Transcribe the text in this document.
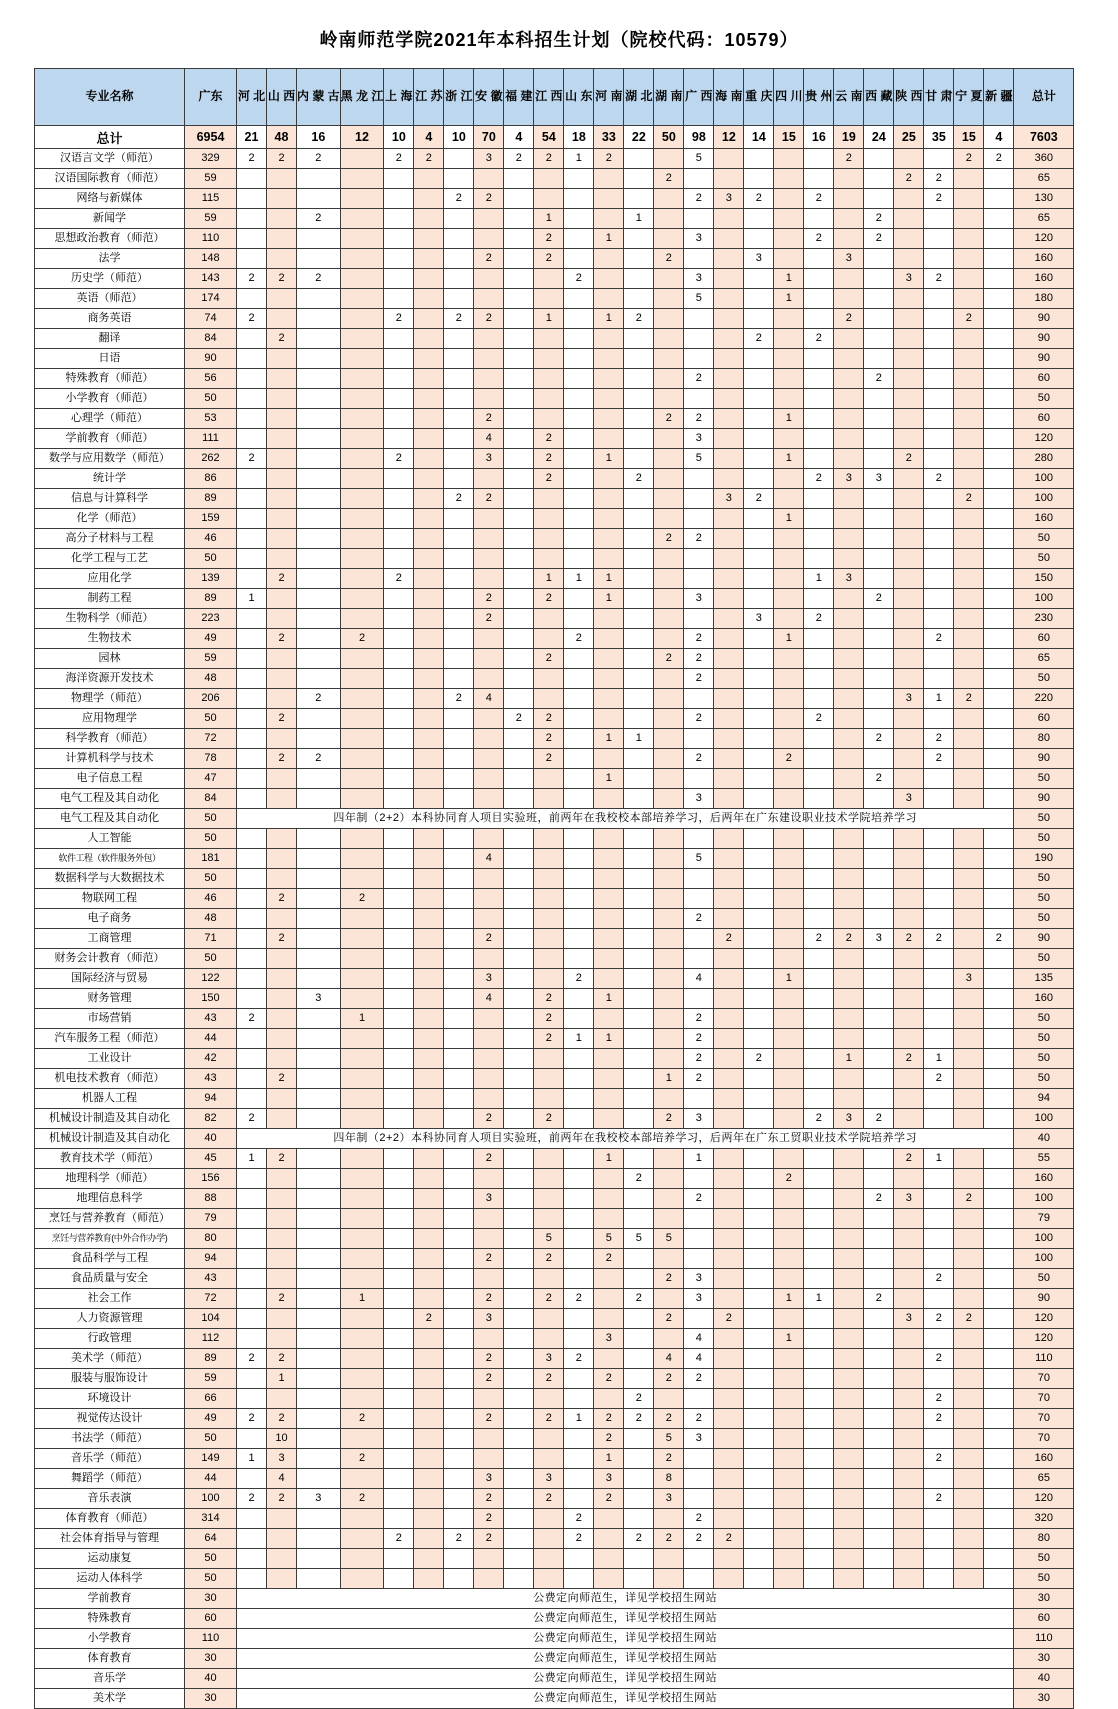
岭南师范学院2021年本科招生计划（院校代码：10579）
专业名称	广东	河 北	山 西	内 蒙 古	黑 龙 江	上 海	江 苏	浙 江	安 徽	福 建	江 西	山 东	河 南	湖 北	湖 南	广 西	海 南	重 庆	四 川	贵 州	云 南	西 藏	陕 西	甘 肃	宁 夏	新 疆	总计
总计	6954	21	48	16	12	10	4	10	70	4	54	18	33	22	50	98	12	14	15	16	19	24	25	35	15	4	7603
汉语言文学（师范）	329	2	2	2		2	2		3	2	2	1	2			5					2				2	2	360
汉语国际教育（师范）	59														2								2	2			65
网络与新媒体	115							2	2							2	3	2		2				2			130
新闻学	59			2							1			1								2					65
思想政治教育（师范）	110										2		1			3				2		2					120
法学	148								2		2				2			3			3						160
历史学（师范）	143	2	2	2								2				3			1				3	2			160
英语（师范）	174															5			1								180
商务英语	74	2				2		2	2		1		1	2							2				2		90
翻译	84		2															2		2							90
日语	90																										90
特殊教育（师范）	56															2						2					60
小学教育（师范）	50																										50
心理学（师范）	53								2						2	2			1								60
学前教育（师范）	111								4		2					3											120
数学与应用数学（师范）	262	2				2			3		2		1			5			1				2				280
统计学	86										2			2						2	3	3		2			100
信息与计算科学	89							2	2								3	2							2		100
化学（师范）	159																		1								160
高分子材料与工程	46														2	2											50
化学工程与工艺	50																										50
应用化学	139		2			2					1	1	1							1	3						150
制药工程	89	1							2		2		1			3						2					100
生物科学（师范）	223								2									3		2							230
生物技术	49		2		2							2				2			1					2			60
园林	59										2				2	2											65
海洋资源开发技术	48															2											50
物理学（师范）	206			2				2	4														3	1	2		220
应用物理学	50		2							2	2					2				2							60
科学教育（师范）	72										2		1	1								2		2			80
计算机科学与技术	78		2	2							2					2			2					2			90
电子信息工程	47												1									2					50
电气工程及其自动化	84															3							3				90
电气工程及其自动化	50	四年制（2+2）本科协同育人项目实验班，前两年在我校校本部培养学习，后两年在广东建设职业技术学院培养学习																									50
人工智能	50																										50
软件工程（软件服务外包）	181								4							5											190
数据科学与大数据技术	50																										50
物联网工程	46		2		2																						50
电子商务	48															2											50
工商管理	71		2						2								2			2	2	3	2	2		2	90
财务会计教育（师范）	50																										50
国际经济与贸易	122								3			2				4			1						3		135
财务管理	150			3					4		2		1														160
市场营销	43	2			1						2					2											50
汽车服务工程（师范）	44										2	1	1			2											50
工业设计	42															2		2			1		2	1			50
机电技术教育（师范）	43		2												1	2								2			50
机器人工程	94																										94
机械设计制造及其自动化	82	2							2		2				2	3				2	3	2					100
机械设计制造及其自动化	40	四年制（2+2）本科协同育人项目实验班，前两年在我校校本部培养学习，后两年在广东工贸职业技术学院培养学习																									40
教育技术学（师范）	45	1	2						2				1			1							2	1			55
地理科学（师范）	156													2					2								160
地理信息科学	88								3							2						2	3		2		100
烹饪与营养教育（师范）	79																										79
烹饪与营养教育(中外合作办学)	80										5		5	5	5												100
食品科学与工程	94								2		2		2														100
食品质量与安全	43														2	3								2			50
社会工作	72		2		1				2		2	2		2		3			1	1		2					90
人力资源管理	104						2		3						2		2						3	2	2		120
行政管理	112												3			4			1								120
美术学（师范）	89	2	2						2		3	2			4	4								2			110
服装与服饰设计	59		1						2		2		2		2	2											70
环境设计	66													2										2			70
视觉传达设计	49	2	2		2				2		2	1	2	2	2	2								2			70
书法学（师范）	50		10										2		5	3											70
音乐学（师范）	149	1	3		2								1		2									2			160
舞蹈学（师范）	44		4						3		3		3		8												65
音乐表演	100	2	2	3	2				2		2		2		3									2			120
体育教育（师范）	314								2			2				2											320
社会体育指导与管理	64					2		2	2			2		2	2	2	2										80
运动康复	50																										50
运动人体科学	50																										50
学前教育	30	公费定向师范生，详见学校招生网站																									30
特殊教育	60	公费定向师范生，详见学校招生网站																									60
小学教育	110	公费定向师范生，详见学校招生网站																									110
体育教育	30	公费定向师范生，详见学校招生网站																									30
音乐学	40	公费定向师范生，详见学校招生网站																									40
美术学	30	公费定向师范生，详见学校招生网站																									30
